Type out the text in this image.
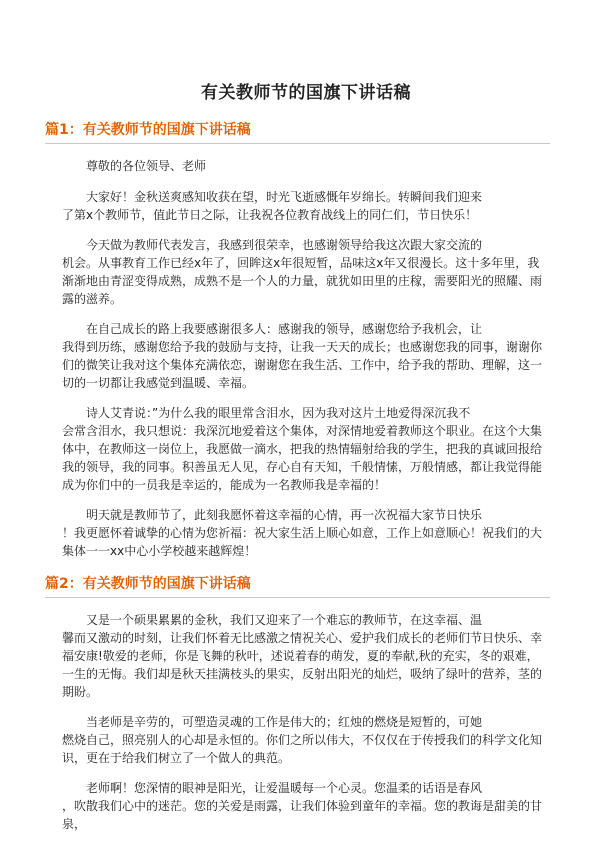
有关教师节的国旗下讲话稿
篇1：有关教师节的国旗下讲话稿

　　尊敬的各位领导、老师

　　大家好！金秋送爽感知收获在望，时光飞逝感慨年岁绵长。转瞬间我们迎来
了第x个教师节，值此节日之际，让我祝各位教育战线上的同仁们，节日快乐！

　　今天做为教师代表发言，我感到很荣幸，也感谢领导给我这次跟大家交流的
机会。从事教育工作已经x年了，回眸这x年很短暂，品味这x年又很漫长。这十多年里，我渐渐地由青涩变得成熟，成熟不是一个人的力量，就犹如田里的庄稼，需要阳光的照耀、雨露的滋养。

　　在自己成长的路上我要感谢很多人：感谢我的领导，感谢您给予我机会，让
我得到历练，感谢您给予我的鼓励与支持，让我一天天的成长；也感谢您我的同事，谢谢你们的微笑让我对这个集体充满依恋，谢谢您在我生活、工作中，给予我的帮助、理解，这一切的一切都让我感觉到温暖、幸福。

　　诗人艾青说：”为什么我的眼里常含泪水，因为我对这片土地爱得深沉我不
会常含泪水，我只想说：我深沉地爱着这个集体，对深情地爱着教师这个职业。在这个大集体中，在教师这一岗位上，我愿做一滴水，把我的热情辐射给我的学生，把我的真诚回报给我的领导，我的同事。积善虽无人见，存心自有天知，千般情愫，万般情感，都让我觉得能成为你们中的一员我是幸运的，能成为一名教师我是幸福的！

　　明天就是教师节了，此刻我愿怀着这幸福的心情，再一次祝福大家节日快乐
！我更愿怀着诚挚的心情为您祈福：祝大家生活上顺心如意，工作上如意顺心！祝我们的大集体一一xx中心小学校越来越辉煌！

篇2：有关教师节的国旗下讲话稿

　　又是一个硕果累累的金秋，我们又迎来了一个难忘的教师节，在这幸福、温
馨而又激动的时刻，让我们怀着无比感激之情祝关心、爱护我们成长的老师们节日快乐、幸福安康!敬爱的老师，你是飞舞的秋叶，述说着春的萌发，夏的奉献,秋的充实，冬的艰难，一生的无悔。我们却是秋天挂满枝头的果实，反射出阳光的灿烂，吸纳了绿叶的营养，茎的期盼。

　　当老师是辛劳的，可塑造灵魂的工作是伟大的；红烛的燃烧是短暂的，可她
燃烧自己，照亮别人的心却是永恒的。你们之所以伟大，不仅仅在于传授我们的科学文化知识，更在于给我们树立了一个做人的典范。

　　老师啊！您深情的眼神是阳光，让爱温暖每一个心灵。您温柔的话语是春风
，吹散我们心中的迷茫。您的关爱是雨露，让我们体验到童年的幸福。您的教诲是甜美的甘泉，
